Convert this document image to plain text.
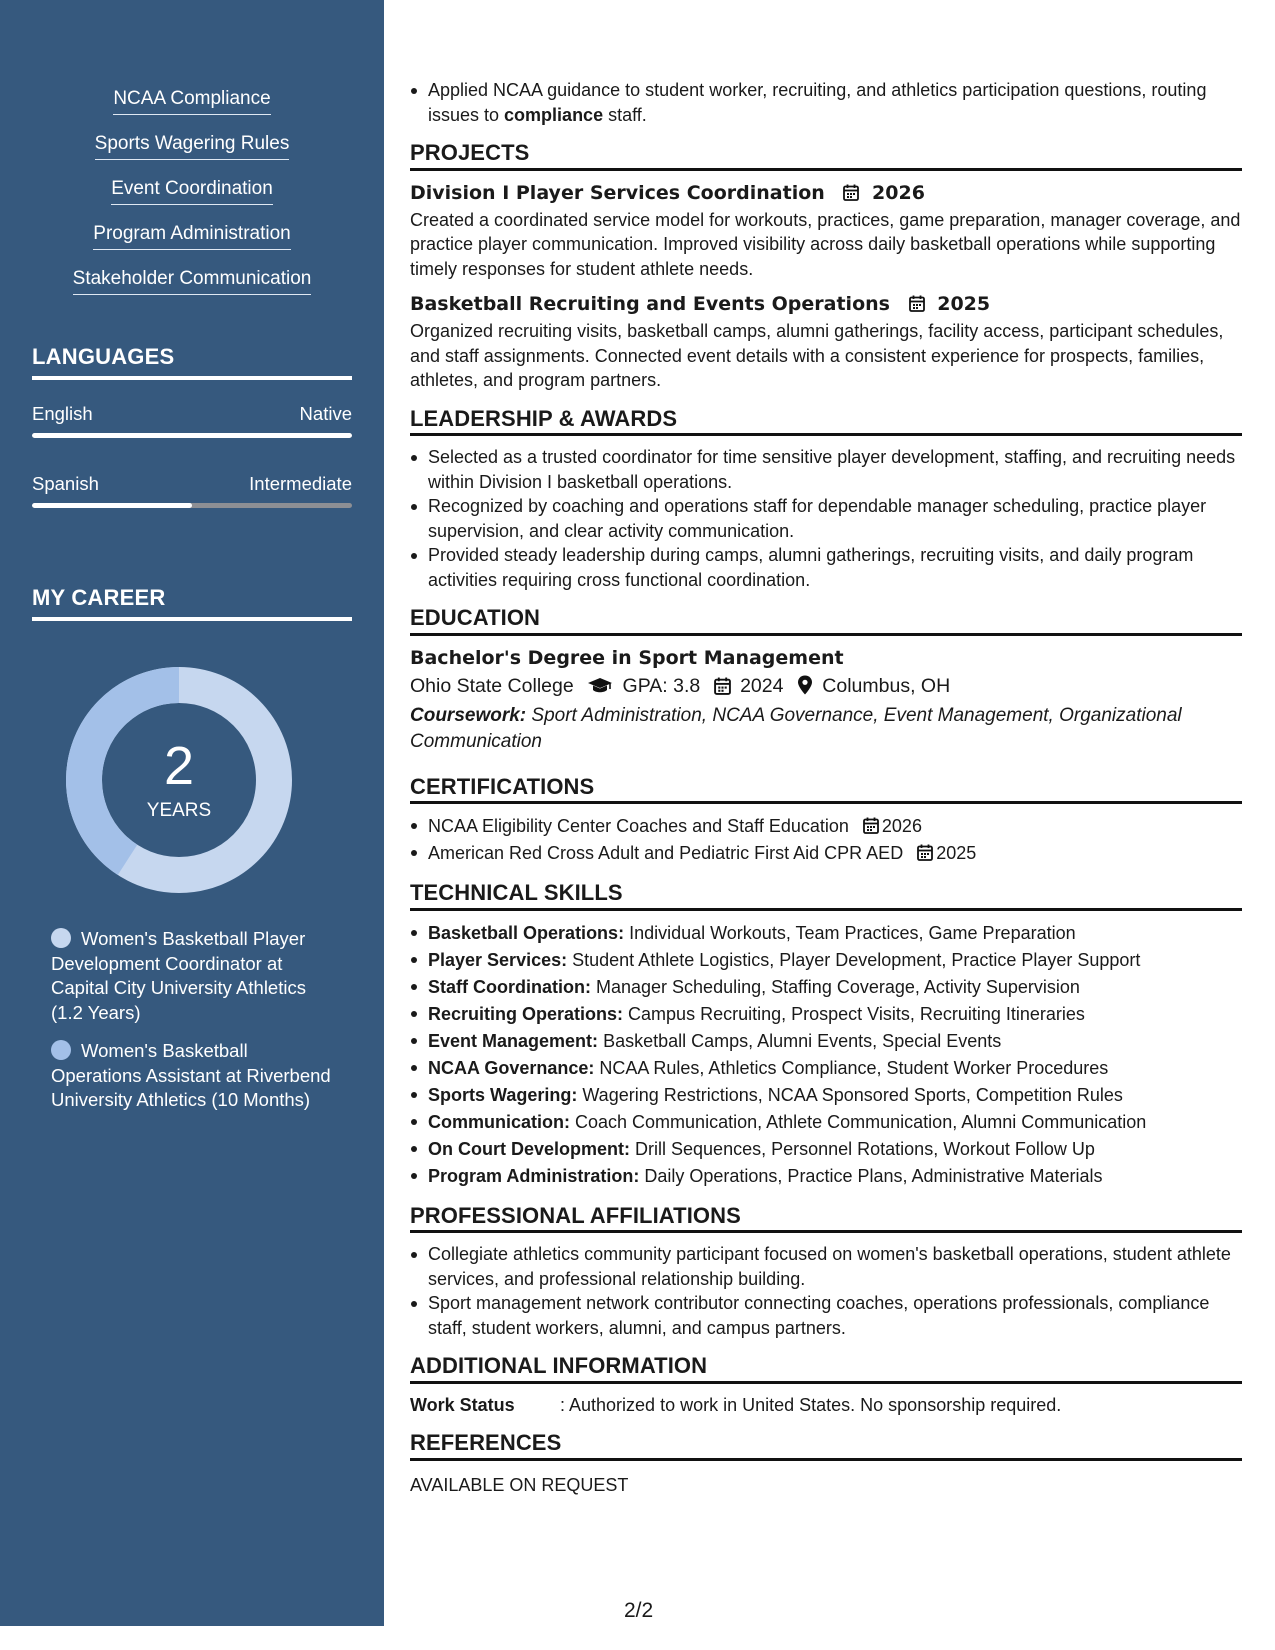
NCAA Compliance
Sports Wagering Rules
Event Coordination
Program Administration
Stakeholder Communication
LANGUAGES
English	Native
Spanish	Intermediate
MY CAREER
2
YEARS
Women's Basketball Player Development Coordinator at Capital City University Athletics (1.2 Years)
Women's Basketball Operations Assistant at Riverbend University Athletics (10 Months)
Applied NCAA guidance to student worker, recruiting, and athletics participation questions, routing issues to compliance staff.
PROJECTS
Division I Player Services Coordination 2026
Created a coordinated service model for workouts, practices, game preparation, manager coverage, and practice player communication. Improved visibility across daily basketball operations while supporting timely responses for student athlete needs.
Basketball Recruiting and Events Operations 2025
Organized recruiting visits, basketball camps, alumni gatherings, facility access, participant schedules, and staff assignments. Connected event details with a consistent experience for prospects, families, athletes, and program partners.
LEADERSHIP & AWARDS
Selected as a trusted coordinator for time sensitive player development, staffing, and recruiting needs within Division I basketball operations.
Recognized by coaching and operations staff for dependable manager scheduling, practice player supervision, and clear activity communication.
Provided steady leadership during camps, alumni gatherings, recruiting visits, and daily program activities requiring cross functional coordination.
EDUCATION
Bachelor's Degree in Sport Management
Ohio State College	GPA: 3.8 2024 Columbus, OH
Coursework: Sport Administration, NCAA Governance, Event Management, Organizational Communication
CERTIFICATIONS
NCAA Eligibility Center Coaches and Staff Education 2026
American Red Cross Adult and Pediatric First Aid CPR AED 2025
TECHNICAL SKILLS
Basketball Operations: Individual Workouts, Team Practices, Game Preparation
Player Services: Student Athlete Logistics, Player Development, Practice Player Support
Staff Coordination: Manager Scheduling, Staffing Coverage, Activity Supervision
Recruiting Operations: Campus Recruiting, Prospect Visits, Recruiting Itineraries
Event Management: Basketball Camps, Alumni Events, Special Events
NCAA Governance: NCAA Rules, Athletics Compliance, Student Worker Procedures
Sports Wagering: Wagering Restrictions, NCAA Sponsored Sports, Competition Rules
Communication: Coach Communication, Athlete Communication, Alumni Communication
On Court Development: Drill Sequences, Personnel Rotations, Workout Follow Up
Program Administration: Daily Operations, Practice Plans, Administrative Materials
PROFESSIONAL AFFILIATIONS
Collegiate athletics community participant focused on women's basketball operations, student athlete services, and professional relationship building.
Sport management network contributor connecting coaches, operations professionals, compliance staff, student workers, alumni, and campus partners.
ADDITIONAL INFORMATION
Work Status	: Authorized to work in United States. No sponsorship required.
REFERENCES
AVAILABLE ON REQUEST
2/2
